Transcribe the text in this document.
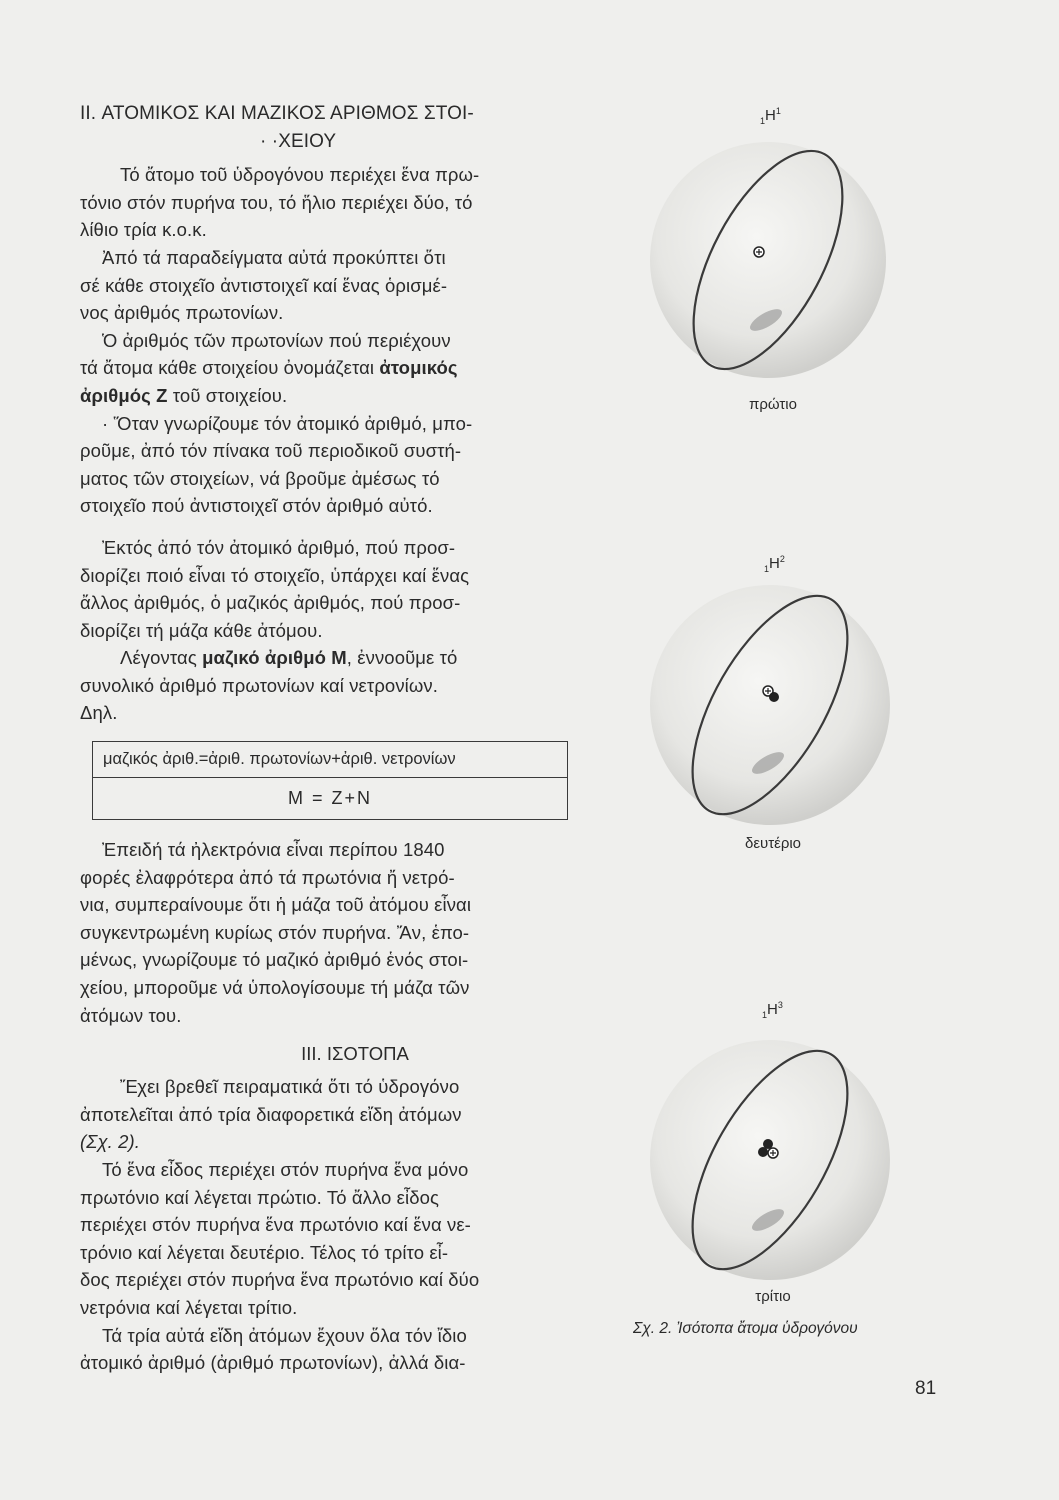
II. ΑΤΟΜΙΚΟΣ ΚΑΙ ΜΑΖΙΚΟΣ ΑΡΙΘΜΟΣ ΣΤΟΙ-
· ·ΧΕΙΟΥ
Τό ἄτομο τοῦ ὑδρογόνου περιέχει ἕνα πρω-
τόνιο στόν πυρήνα του, τό ἥλιο περιέχει δύο, τό
λίθιο τρία κ.ο.κ.
Ἀπό τά παραδείγματα αὐτά προκύπτει ὅτι
σέ κάθε στοιχεῖο ἀντιστοιχεῖ καί ἕνας ὁρισμέ-
νος ἀριθμός πρωτονίων.
Ὁ ἀριθμός τῶν πρωτονίων πού περιέχουν
τά ἄτομα κάθε στοιχείου ὀνομάζεται ἀτομικός
ἀριθμός Ζ τοῦ στοιχείου.
· Ὅταν γνωρίζουμε τόν ἀτομικό ἀριθμό, μπο-
ροῦμε, ἀπό τόν πίνακα τοῦ περιοδικοῦ συστή-
ματος τῶν στοιχείων, νά βροῦμε ἀμέσως τό
στοιχεῖο πού ἀντιστοιχεῖ στόν ἀριθμό αὐτό.
Ἐκτός ἀπό τόν ἀτομικό ἀριθμό, πού προσ-
διορίζει ποιό εἶναι τό στοιχεῖο, ὑπάρχει καί ἕνας
ἄλλος ἀριθμός, ὁ μαζικός ἀριθμός, πού προσ-
διορίζει τή μάζα κάθε ἀτόμου.
Λέγοντας μαζικό ἀριθμό Μ, ἐννοοῦμε τό
συνολικό ἀριθμό πρωτονίων καί νετρονίων.
Δηλ.
μαζικός ἀριθ.=ἀριθ. πρωτονίων+ἀριθ. νετρονίων
M = Z+N
Ἐπειδή τά ἠλεκτρόνια εἶναι περίπου 1840
φορές ἐλαφρότερα ἀπό τά πρωτόνια ἤ νετρό-
νια, συμπεραίνουμε ὅτι ἡ μάζα τοῦ ἀτόμου εἶναι
συγκεντρωμένη κυρίως στόν πυρήνα. Ἄν, ἑπο-
μένως, γνωρίζουμε τό μαζικό ἀριθμό ἑνός στοι-
χείου, μποροῦμε νά ὑπολογίσουμε τή μάζα τῶν
ἀτόμων του.
III. ΙΣΟΤΟΠΑ
Ἔχει βρεθεῖ πειραματικά ὅτι τό ὑδρογόνο
ἀποτελεῖται ἀπό τρία διαφορετικά εἴδη ἀτόμων
(Σχ. 2).
Τό ἕνα εἶδος περιέχει στόν πυρήνα ἕνα μόνο
πρωτόνιο καί λέγεται πρώτιο. Τό ἄλλο εἶδος
περιέχει στόν πυρήνα ἕνα πρωτόνιο καί ἕνα νε-
τρόνιο καί λέγεται δευτέριο. Τέλος τό τρίτο εἶ-
δος περιέχει στόν πυρήνα ἕνα πρωτόνιο καί δύο
νετρόνια καί λέγεται τρίτιο.
Τά τρία αὐτά εἴδη ἀτόμων ἔχουν ὅλα τόν ἴδιο
ἀτομικό ἀριθμό (ἀριθμό πρωτονίων), ἀλλά δια-
$_1H^1$
πρώτιο
$_1H^2$
δευτέριο
$_1H^3$
τρίτιο
Σχ. 2. Ἰσότοπα ἄτομα ὑδρογόνου
81
